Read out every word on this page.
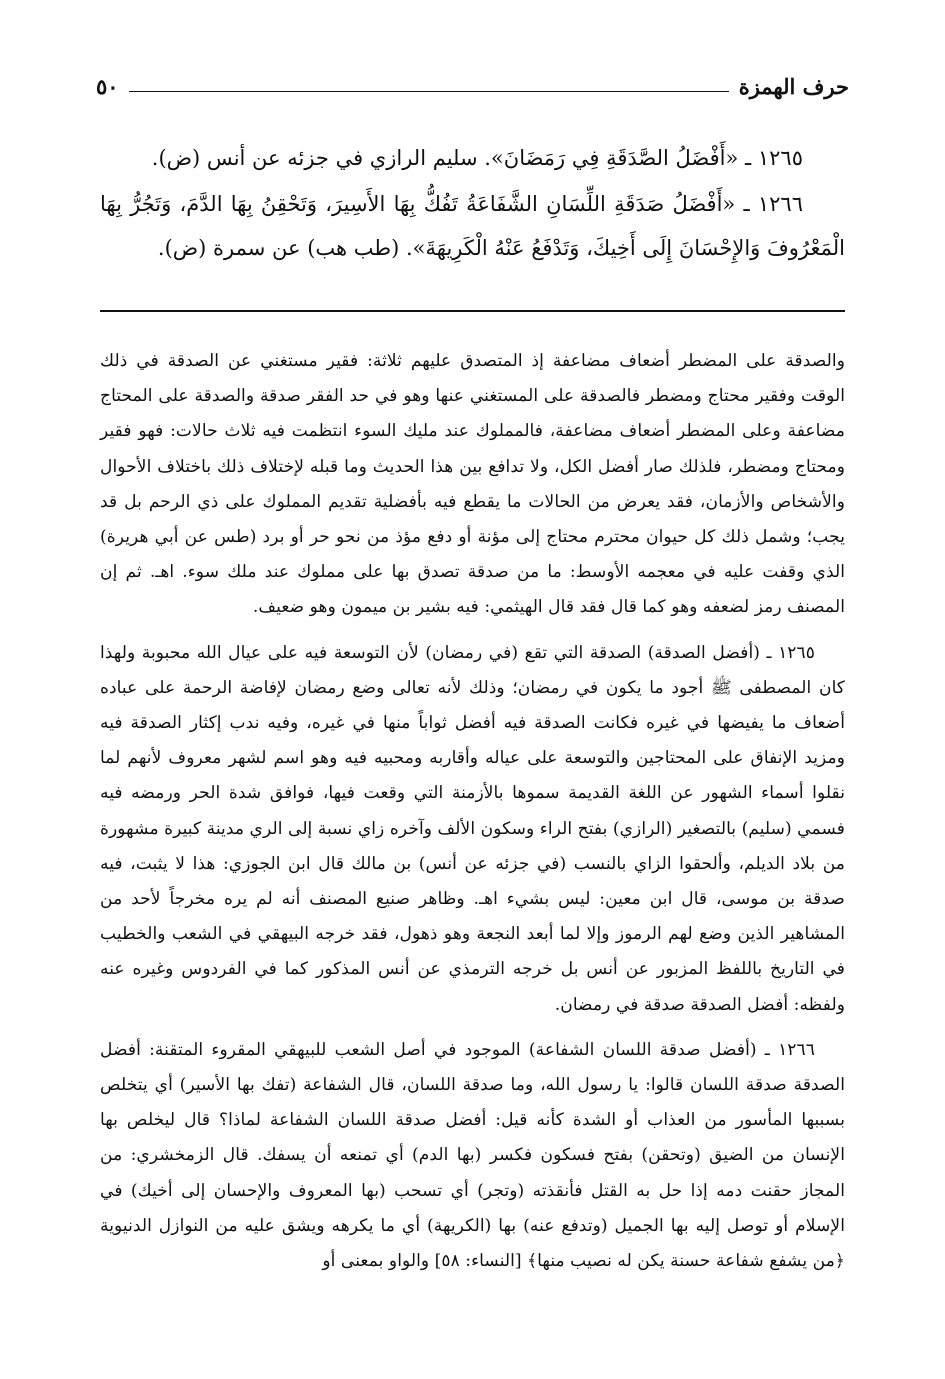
حرف الهمزة
٥٠

١٢٦٥ ـ «أَفْضَلُ الصَّدَقَةِ فِي رَمَضَانَ». سليم الرازي في جزئه عن أنس (ض).

١٢٦٦ ـ «أَفْضَلُ صَدَقَةِ اللِّسَانِ الشَّفَاعَةُ تَفُكُّ بِهَا الأَسِيرَ، وَتَحْقِنُ بِهَا الدَّمَ، وَتَجُرُّ بِهَا الْمَعْرُوفَ وَالإِحْسَانَ إِلَى أَخِيكَ، وَتَدْفَعُ عَنْهُ الْكَرِيهَةَ». (طب هب) عن سمرة (ض).

والصدقة على المضطر أضعاف مضاعفة إذ المتصدق عليهم ثلاثة: فقير مستغني عن الصدقة في ذلك الوقت وفقير محتاج ومضطر فالصدقة على المستغني عنها وهو في حد الفقر صدقة والصدقة على المحتاج مضاعفة وعلى المضطر أضعاف مضاعفة، فالمملوك عند مليك السوء انتظمت فيه ثلاث حالات: فهو فقير ومحتاج ومضطر، فلذلك صار أفضل الكل، ولا تدافع بين هذا الحديث وما قبله لإختلاف ذلك باختلاف الأحوال والأشخاص والأزمان، فقد يعرض من الحالات ما يقطع فيه بأفضلية تقديم المملوك على ذي الرحم بل قد يجب؛ وشمل ذلك كل حيوان محترم محتاج إلى مؤنة أو دفع مؤذ من نحو حر أو برد (طس عن أبي هريرة) الذي وقفت عليه في معجمه الأوسط: ما من صدقة تصدق بها على مملوك عند ملك سوء. اهـ. ثم إن المصنف رمز لضعفه وهو كما قال فقد قال الهيثمي: فيه بشير بن ميمون وهو ضعيف.

١٢٦٥ ـ (أفضل الصدقة) الصدقة التي تقع (في رمضان) لأن التوسعة فيه على عيال الله محبوبة ولهذا كان المصطفى ﷺ أجود ما يكون في رمضان؛ وذلك لأنه تعالى وضع رمضان لإفاضة الرحمة على عباده أضعاف ما يفيضها في غيره فكانت الصدقة فيه أفضل ثواباً منها في غيره، وفيه ندب إكثار الصدقة فيه ومزيد الإنفاق على المحتاجين والتوسعة على عياله وأقاربه ومحبيه فيه وهو اسم لشهر معروف لأنهم لما نقلوا أسماء الشهور عن اللغة القديمة سموها بالأزمنة التي وقعت فيها، فوافق شدة الحر ورمضه فيه فسمي (سليم) بالتصغير (الرازي) بفتح الراء وسكون الألف وآخره زاي نسبة إلى الري مدينة كبيرة مشهورة من بلاد الديلم، وألحقوا الزاي بالنسب (في جزئه عن أنس) بن مالك قال ابن الجوزي: هذا لا يثبت، فيه صدقة بن موسى، قال ابن معين: ليس بشيء اهـ. وظاهر صنيع المصنف أنه لم يره مخرجاً لأحد من المشاهير الذين وضع لهم الرموز وإلا لما أبعد النجعة وهو ذهول، فقد خرجه البيهقي في الشعب والخطيب في التاريخ باللفظ المزبور عن أنس بل خرجه الترمذي عن أنس المذكور كما في الفردوس وغيره عنه ولفظه: أفضل الصدقة صدقة في رمضان.

١٢٦٦ ـ (أفضل صدقة اللسان الشفاعة) الموجود في أصل الشعب للبيهقي المقروء المتقنة: أفضل الصدقة صدقة اللسان قالوا: يا رسول الله، وما صدقة اللسان، قال الشفاعة (تفك بها الأسير) أي يتخلص بسببها المأسور من العذاب أو الشدة كأنه قيل: أفضل صدقة اللسان الشفاعة لماذا؟ قال ليخلص بها الإنسان من الضيق (وتحقن) بفتح فسكون فكسر (بها الدم) أي تمنعه أن يسفك. قال الزمخشري: من المجاز حقنت دمه إذا حل به القتل فأنقذته (وتجر) أي تسحب (بها المعروف والإحسان إلى أخيك) في الإسلام أو توصل إليه بها الجميل (وتدفع عنه) بها (الكريهة) أي ما يكرهه ويشق عليه من النوازل الدنيوية ﴿من يشفع شفاعة حسنة يكن له نصيب منها﴾ [النساء: ٥٨] والواو بمعنى أو
